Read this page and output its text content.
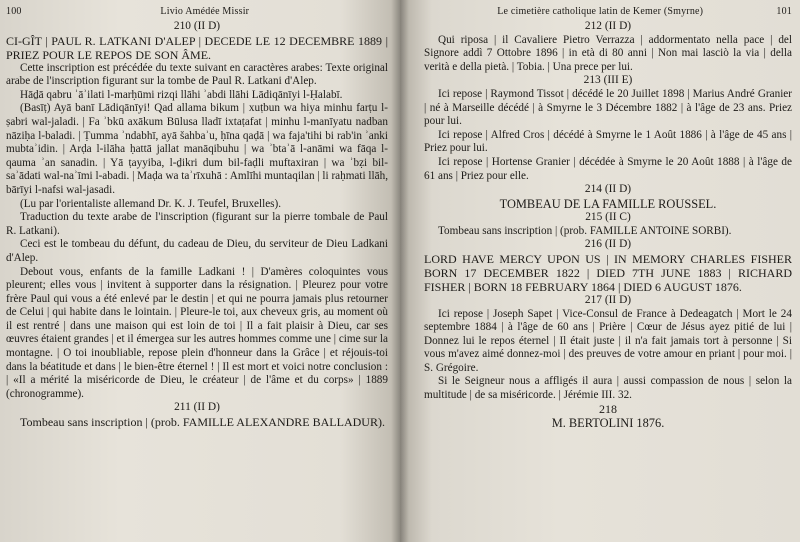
100	Livio Amédée Missir

210 (II D)

CI-GÎT | PAUL R. LATKANI D'ALEP | DECEDE LE 12 DECEMBRE 1889 | PRIEZ POUR LE REPOS DE SON ÂME.

Cette inscription est précédée du texte suivant en caractères arabes: Texte original arabe de l'inscription figurant sur la tombe de Paul R. Latkani d'Alep.

Hāḏā qabru ʾāʾilati l-marḥūmi rizqi llāhi ʾabdi llāhi Lādiqānīyi l-Ḥalabī.

(Basīṭ) Ayā banī Lādiqānīyi! Qad allama bikum | xuṭbun wa hiya minhu farṭu l-ṣabri wal-jaladi. | Fa ʾbkū axākum Būlusa lladī ixtaṭafat | minhu l-manīyatu nadban nāziḥa l-baladi. | Ṭumma ʾndabhī, ayā šahbaʾu, ḥīna qaḍā | wa faja'tihi bi rab'in ʾanki mubtaʾidin. | Arḍa l-ilāha ḥattā jallat manāqibuhu | wa ʾbtaʾā l-anāmi wa fāqa l-qauma ʾan sanadin. | Yā ṭayyiba, l-ḏikri dum bil-faḍli muftaxiran | wa ʾbẓi bil-saʾādati wal-naʾīmi l-abadi. | Maḍa wa taʾrīxuhā : Amlīhi muntaqilan | li raḥmati llāh, bārīyi l-nafsi wal-jasadi.

(Lu par l'orientaliste allemand Dr. K. J. Teufel, Bruxelles).

Traduction du texte arabe de l'inscription (figurant sur la pierre tombale de Paul R. Latkani).

Ceci est le tombeau du défunt, du cadeau de Dieu, du serviteur de Dieu Ladkani d'Alep.

Debout vous, enfants de la famille Ladkani ! | D'amères coloquintes vous pleurent; elles vous | invitent à supporter dans la résignation. | Pleurez pour votre frère Paul qui vous a été enlevé par le destin | et qui ne pourra jamais plus retourner de Celui | qui habite dans le lointain. | Pleure-le toi, aux cheveux gris, au moment où il est rentré | dans une maison qui est loin de toi | Il a fait plaisir à Dieu, car ses œuvres étaient grandes | et il émergea sur les autres hommes comme une | cime sur la montagne. | O toi inoubliable, repose plein d'honneur dans la Grâce | et réjouis-toi dans la béatitude et dans | le bien-être éternel ! | Il est mort et voici notre conclusion : | «Il a mérité la miséricorde de Dieu, le créateur | de l'âme et du corps» | 1889 (chronogramme).

211 (II D)

Tombeau sans inscription | (prob. FAMILLE ALEXANDRE BALLADUR).

Le cimetière catholique latin de Kemer (Smyrne)	101

212 (II D)

Qui riposa | il Cavaliere Pietro Verrazza | addormentato nella pace | del Signore addì 7 Ottobre 1896 | in età di 80 anni | Non mai lasciò la via | della verità e della pietà. | Tobia. | Una prece per lui.

213 (III E)

Ici repose | Raymond Tissot | décédé le 20 Juillet 1898 | Marius André Granier | né à Marseille décédé | à Smyrne le 3 Décembre 1882 | à l'âge de 23 ans. Priez pour lui.

Ici repose | Alfred Cros | décédé à Smyrne le 1 Août 1886 | à l'âge de 45 ans | Priez pour lui.

Ici repose | Hortense Granier | décédée à Smyrne le 20 Août 1888 | à l'âge de 61 ans | Priez pour elle.

214 (II D)

TOMBEAU DE LA FAMILLE ROUSSEL.

215 (II C)

Tombeau sans inscription | (prob. FAMILLE ANTOINE SORBI).

216 (II D)

LORD HAVE MERCY UPON US | IN MEMORY CHARLES FISHER BORN 17 DECEMBER 1822 | DIED 7TH JUNE 1883 | RICHARD FISHER | BORN 18 FEBRUARY 1864 | DIED 6 AUGUST 1876.

217 (II D)

Ici repose | Joseph Sapet | Vice-Consul de France à Dedeagatch | Mort le 24 septembre 1884 | à l'âge de 60 ans | Prière | Cœur de Jésus ayez pitié de lui | Donnez lui le repos éternel | Il était juste | il n'a fait jamais tort à personne | Si vous m'avez aimé donnez-moi | des preuves de votre amour en priant | pour moi. | S. Grégoire.

Si le Seigneur nous a affligés il aura | aussi compassion de nous | selon la multitude | de sa miséricorde. | Jérémie III. 32.

218

M. BERTOLINI 1876.
